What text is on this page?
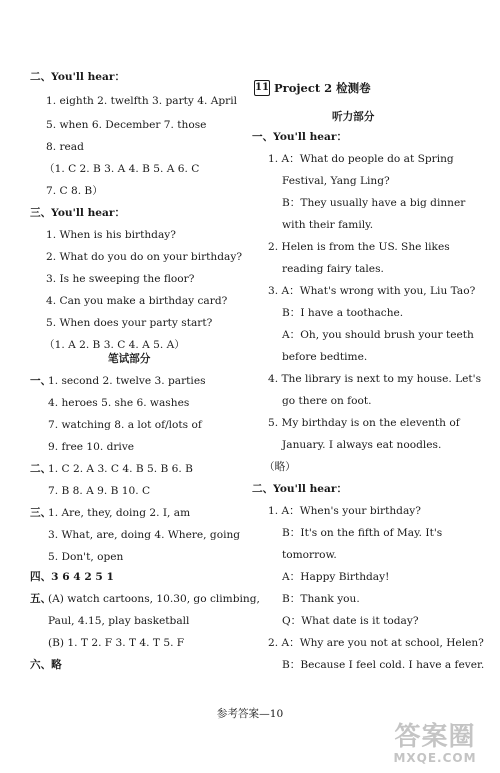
二、You'll hear：
1. eighth 2. twelfth 3. party 4. April
5. when 6. December 7. those
8. read
（1. C 2. B 3. A 4. B 5. A 6. C
7. C 8. B）
三、You'll hear：
1. When is his birthday?
2. What do you do on your birthday?
3. Is he sweeping the floor?
4. Can you make a birthday card?
5. When does your party start?
（1. A 2. B 3. C 4. A 5. A）
笔试部分
一、
1. second 2. twelve 3. parties
4. heroes 5. she 6. washes
7. watching 8. a lot of/lots of
9. free 10. drive
二、
1. C 2. A 3. C 4. B 5. B 6. B
7. B 8. A 9. B 10. C
三、
1. Are, they, doing 2. I, am
3. What, are, doing 4. Where, going
5. Don't, open
四、3 6 4 2 5 1
五、
(A) watch cartoons, 10.30, go climbing,
Paul, 4.15, play basketball
(B) 1. T 2. F 3. T 4. T 5. F
六、略
11 Project 2 检测卷
听力部分
一、You'll hear：
1. A：What do people do at Spring
Festival, Yang Ling?
B：They usually have a big dinner
with their family.
2. Helen is from the US. She likes
reading fairy tales.
3. A：What's wrong with you, Liu Tao?
B：I have a toothache.
A：Oh, you should brush your teeth
before bedtime.
4. The library is next to my house. Let's
go there on foot.
5. My birthday is on the eleventh of
January. I always eat noodles.
（略）
二、You'll hear：
1. A：When's your birthday?
B：It's on the fifth of May. It's
tomorrow.
A：Happy Birthday!
B：Thank you.
Q：What date is it today?
2. A：Why are you not at school, Helen?
B：Because I feel cold. I have a fever.
参考答案—10
答案圈
MXQE.COM
